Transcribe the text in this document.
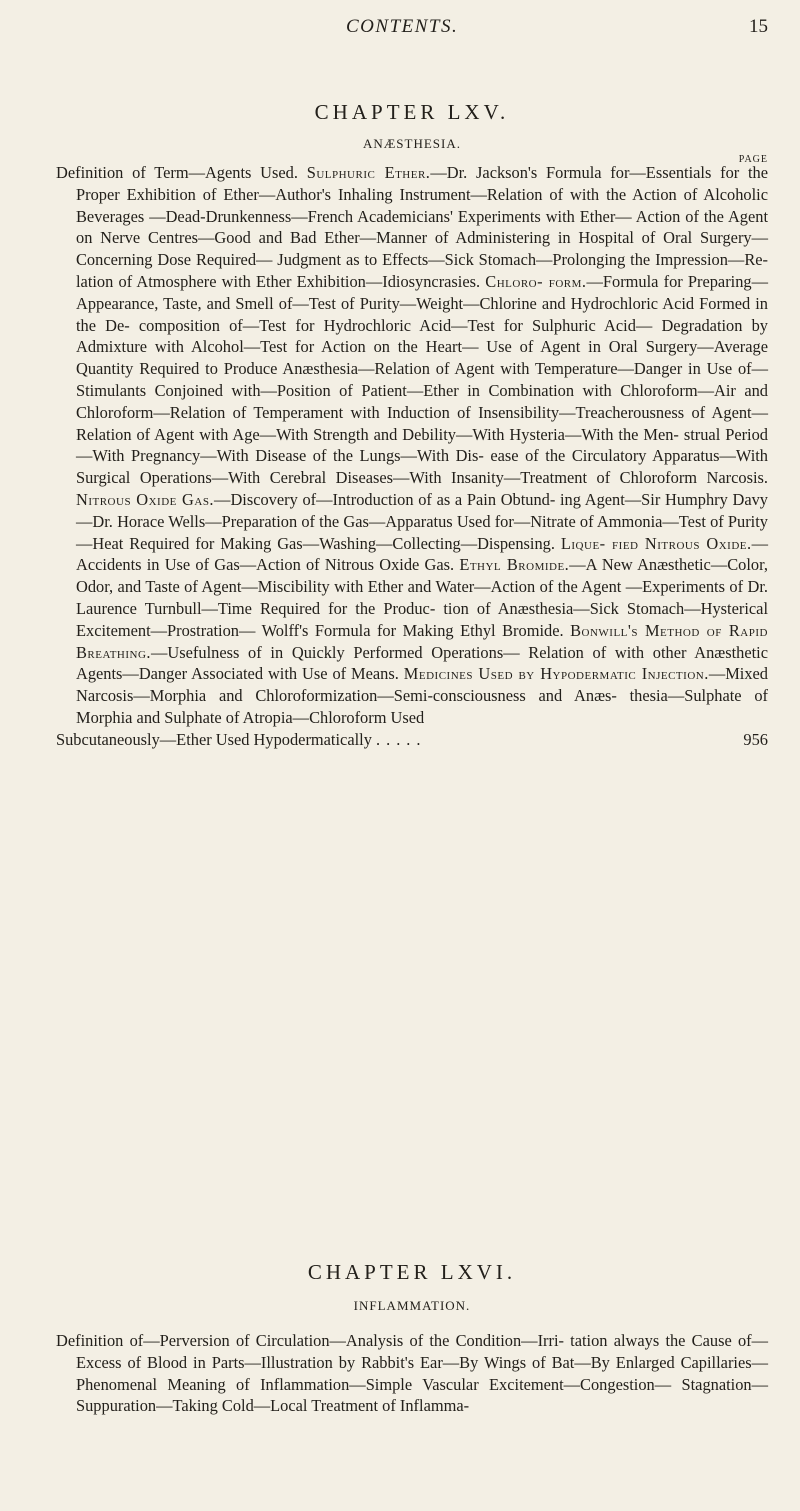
CONTENTS.	15
CHAPTER LXV.
ANÆSTHESIA.
PAGE
Definition of Term—Agents Used. Sulphuric Ether.—Dr. Jackson's Formula for—Essentials for the Proper Exhibition of Ether—Author's Inhaling Instrument—Relation of with the Action of Alcoholic Beverages —Dead-Drunkenness—French Academicians' Experiments with Ether— Action of the Agent on Nerve Centres—Good and Bad Ether—Manner of Administering in Hospital of Oral Surgery—Concerning Dose Required— Judgment as to Effects—Sick Stomach—Prolonging the Impression—Re- lation of Atmosphere with Ether Exhibition—Idiosyncrasies. Chloro- form.—Formula for Preparing—Appearance, Taste, and Smell of—Test of Purity—Weight—Chlorine and Hydrochloric Acid Formed in the De- composition of—Test for Hydrochloric Acid—Test for Sulphuric Acid— Degradation by Admixture with Alcohol—Test for Action on the Heart— Use of Agent in Oral Surgery—Average Quantity Required to Produce Anæsthesia—Relation of Agent with Temperature—Danger in Use of— Stimulants Conjoined with—Position of Patient—Ether in Combination with Chloroform—Air and Chloroform—Relation of Temperament with Induction of Insensibility—Treacherousness of Agent—Relation of Agent with Age—With Strength and Debility—With Hysteria—With the Men- strual Period—With Pregnancy—With Disease of the Lungs—With Dis- ease of the Circulatory Apparatus—With Surgical Operations—With Cerebral Diseases—With Insanity—Treatment of Chloroform Narcosis. Nitrous Oxide Gas.—Discovery of—Introduction of as a Pain Obtund- ing Agent—Sir Humphry Davy—Dr. Horace Wells—Preparation of the Gas—Apparatus Used for—Nitrate of Ammonia—Test of Purity—Heat Required for Making Gas—Washing—Collecting—Dispensing. Lique- fied Nitrous Oxide.—Accidents in Use of Gas—Action of Nitrous Oxide Gas. Ethyl Bromide.—A New Anæsthetic—Color, Odor, and Taste of Agent—Miscibility with Ether and Water—Action of the Agent —Experiments of Dr. Laurence Turnbull—Time Required for the Produc- tion of Anæsthesia—Sick Stomach—Hysterical Excitement—Prostration— Wolff's Formula for Making Ethyl Bromide. Bonwill's Method of Rapid Breathing.—Usefulness of in Quickly Performed Operations— Relation of with other Anæsthetic Agents—Danger Associated with Use of Means. Medicines Used by Hypodermatic Injection.—Mixed Narcosis—Morphia and Chloroformization—Semi-consciousness and Anæs- thesia—Sulphate of Morphia and Sulphate of Atropia—Chloroform Used
Subcutaneously—Ether Used Hypodermatically .....	956
CHAPTER LXVI.
INFLAMMATION.
Definition of—Perversion of Circulation—Analysis of the Condition—Irri- tation always the Cause of—Excess of Blood in Parts—Illustration by Rabbit's Ear—By Wings of Bat—By Enlarged Capillaries—Phenomenal Meaning of Inflammation—Simple Vascular Excitement—Congestion— Stagnation—Suppuration—Taking Cold—Local Treatment of Inflamma-
